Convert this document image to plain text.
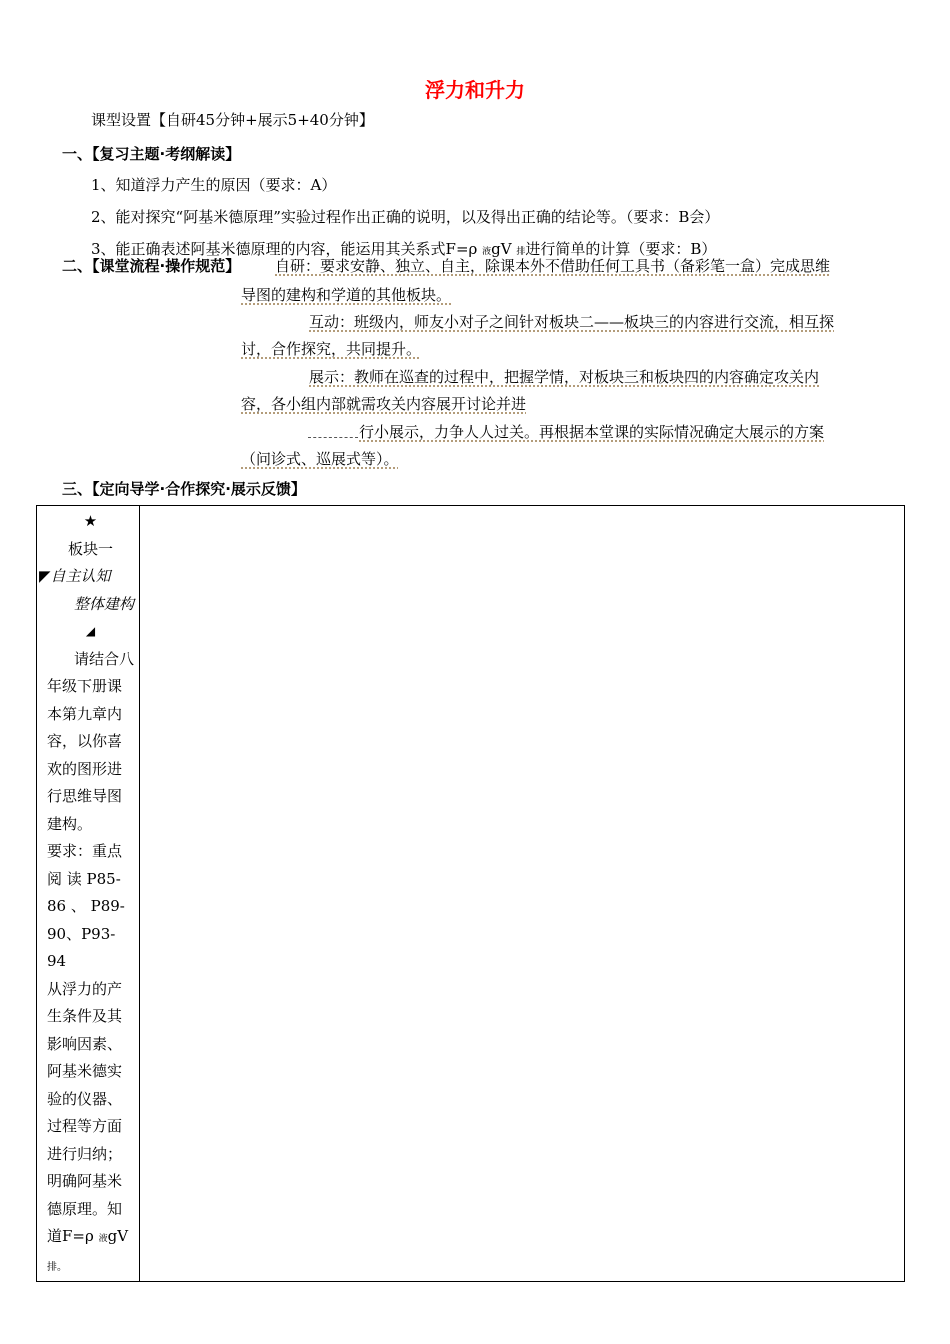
浮力和升力
课型设置【自研45分钟+展示5+40分钟】
一、【复习主题·考纲解读】
1、知道浮力产生的原因（要求：A）
2、能对探究“阿基米德原理”实验过程作出正确的说明，以及得出正确的结论等。（要求：B会）
3、能正确表述阿基米德原理的内容，能运用其关系式F=ρ 液gV 排进行简单的计算（要求：B）
二、【课堂流程·操作规范】 自研：要求安静、独立、自主，除课本外不借助任何工具书（备彩笔一盒）完成思维
导图的建构和学道的其他板块。
互动：班级内，师友小对子之间针对板块二——板块三的内容进行交流，相互探
讨，合作探究，共同提升。
展示：教师在巡查的过程中，把握学情，对板块三和板块四的内容确定攻关内
容，各小组内部就需攻关内容展开讨论并进
行小展示，力争人人过关。再根据本堂课的实际情况确定大展示的方案
（问诊式、巡展式等）。
三、【定向导学·合作探究·展示反馈】
★
板块一
◤自主认知
整体建构
◢
请结合八
年级下册课
本第九章内
容，以你喜
欢的图形进
行思维导图
建构。
要求：重点
阅 读 P85-
86 、 P89-
90、P93-94
从浮力的产
生条件及其
影响因素、
阿基米德实
验的仪器、
过程等方面
进行归纳；
明确阿基米
德原理。知
道F=ρ 液gV
排。
